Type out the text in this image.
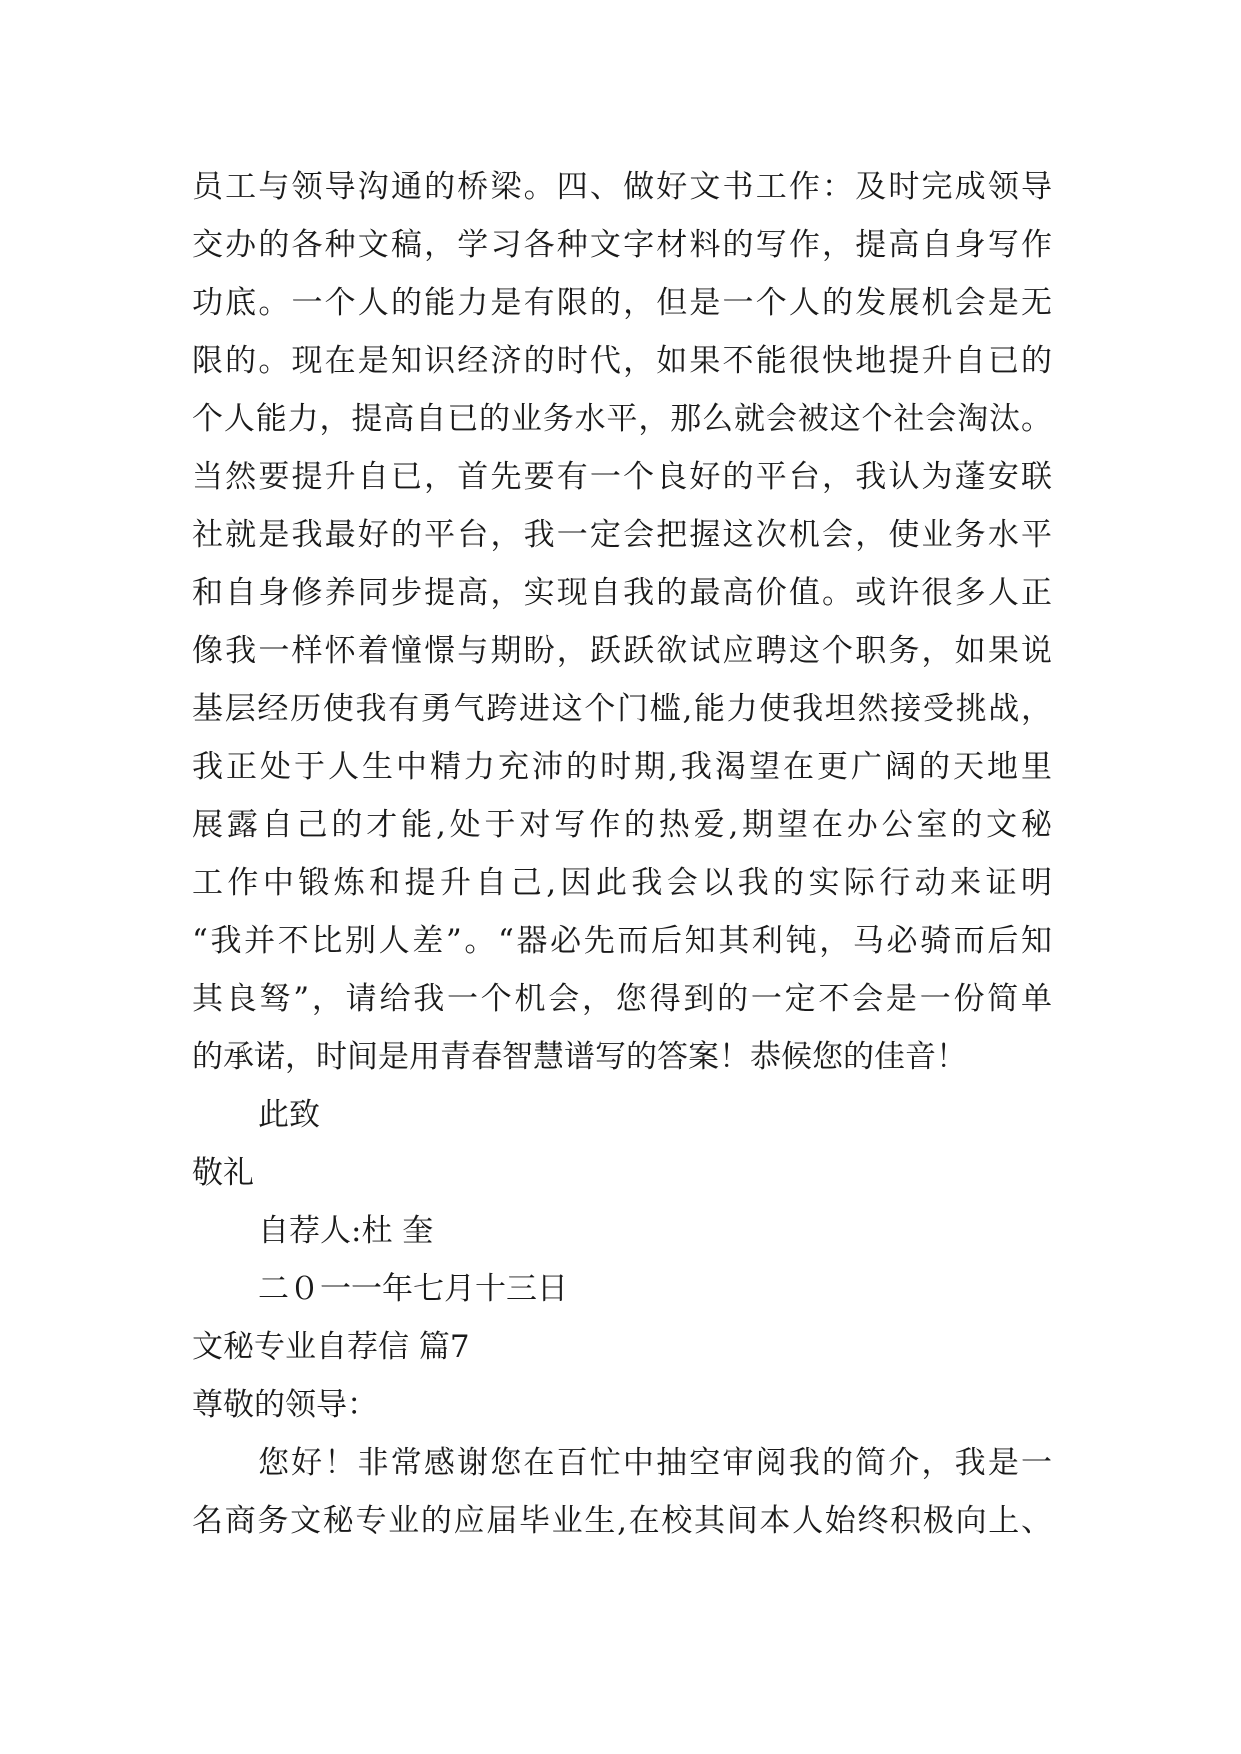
员工与领导沟通的桥梁。四、做好文书工作：及时完成领导
交办的各种文稿，学习各种文字材料的写作，提高自身写作
功底。一个人的能力是有限的，但是一个人的发展机会是无
限的。现在是知识经济的时代，如果不能很快地提升自已的
个人能力，提高自已的业务水平，那么就会被这个社会淘汰。
当然要提升自已，首先要有一个良好的平台，我认为蓬安联
社就是我最好的平台，我一定会把握这次机会，使业务水平
和自身修养同步提高，实现自我的最高价值。或许很多人正
像我一样怀着憧憬与期盼，跃跃欲试应聘这个职务，如果说
基层经历使我有勇气跨进这个门槛,能力使我坦然接受挑战，
我正处于人生中精力充沛的时期,我渴望在更广阔的天地里
展露自己的才能,处于对写作的热爱,期望在办公室的文秘
工作中锻炼和提升自己,因此我会以我的实际行动来证明
“我并不比别人差”。“器必先而后知其利钝，马必骑而后知
其良驽”，请给我一个机会，您得到的一定不会是一份简单
的承诺，时间是用青春智慧谱写的答案！恭候您的佳音！
此致
敬礼
自荐人:杜 奎
二０一一年七月十三日
文秘专业自荐信 篇7
尊敬的领导：
您好！非常感谢您在百忙中抽空审阅我的简介，我是一
名商务文秘专业的应届毕业生,在校其间本人始终积极向上、
